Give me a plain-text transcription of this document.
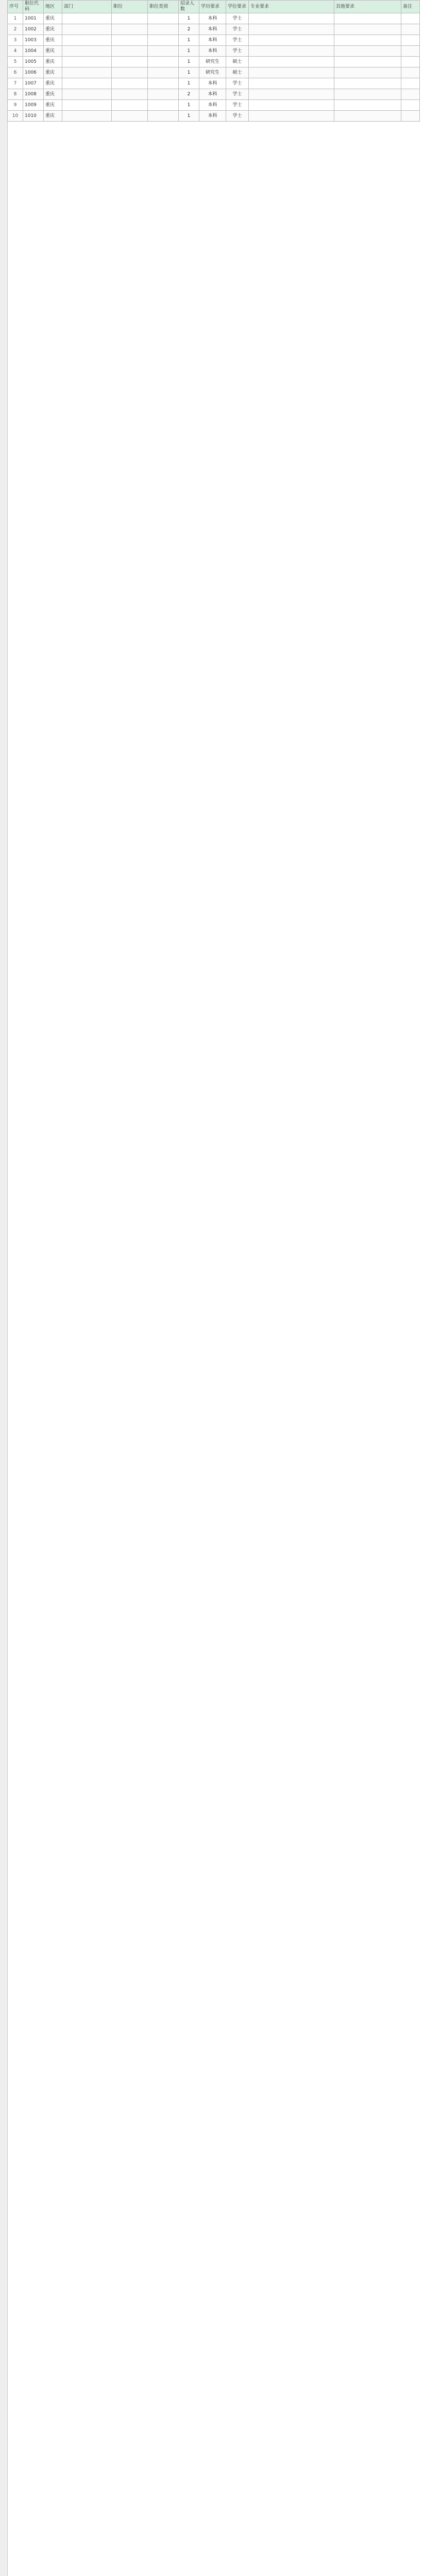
序号	职位代码	地区	部门	职位	职位类别	招录人数	学历要求	学位要求	专业要求	其他要求	备注
1	1001	重庆				1	本科	学士			
2	1002	重庆				2	本科	学士			
3	1003	重庆				1	本科	学士			
4	1004	重庆				1	本科	学士			
5	1005	重庆				1	研究生	硕士			
6	1006	重庆				1	研究生	硕士			
7	1007	重庆				1	本科	学士			
8	1008	重庆				2	本科	学士			
9	1009	重庆				1	本科	学士			
10	1010	重庆				1	本科	学士			
